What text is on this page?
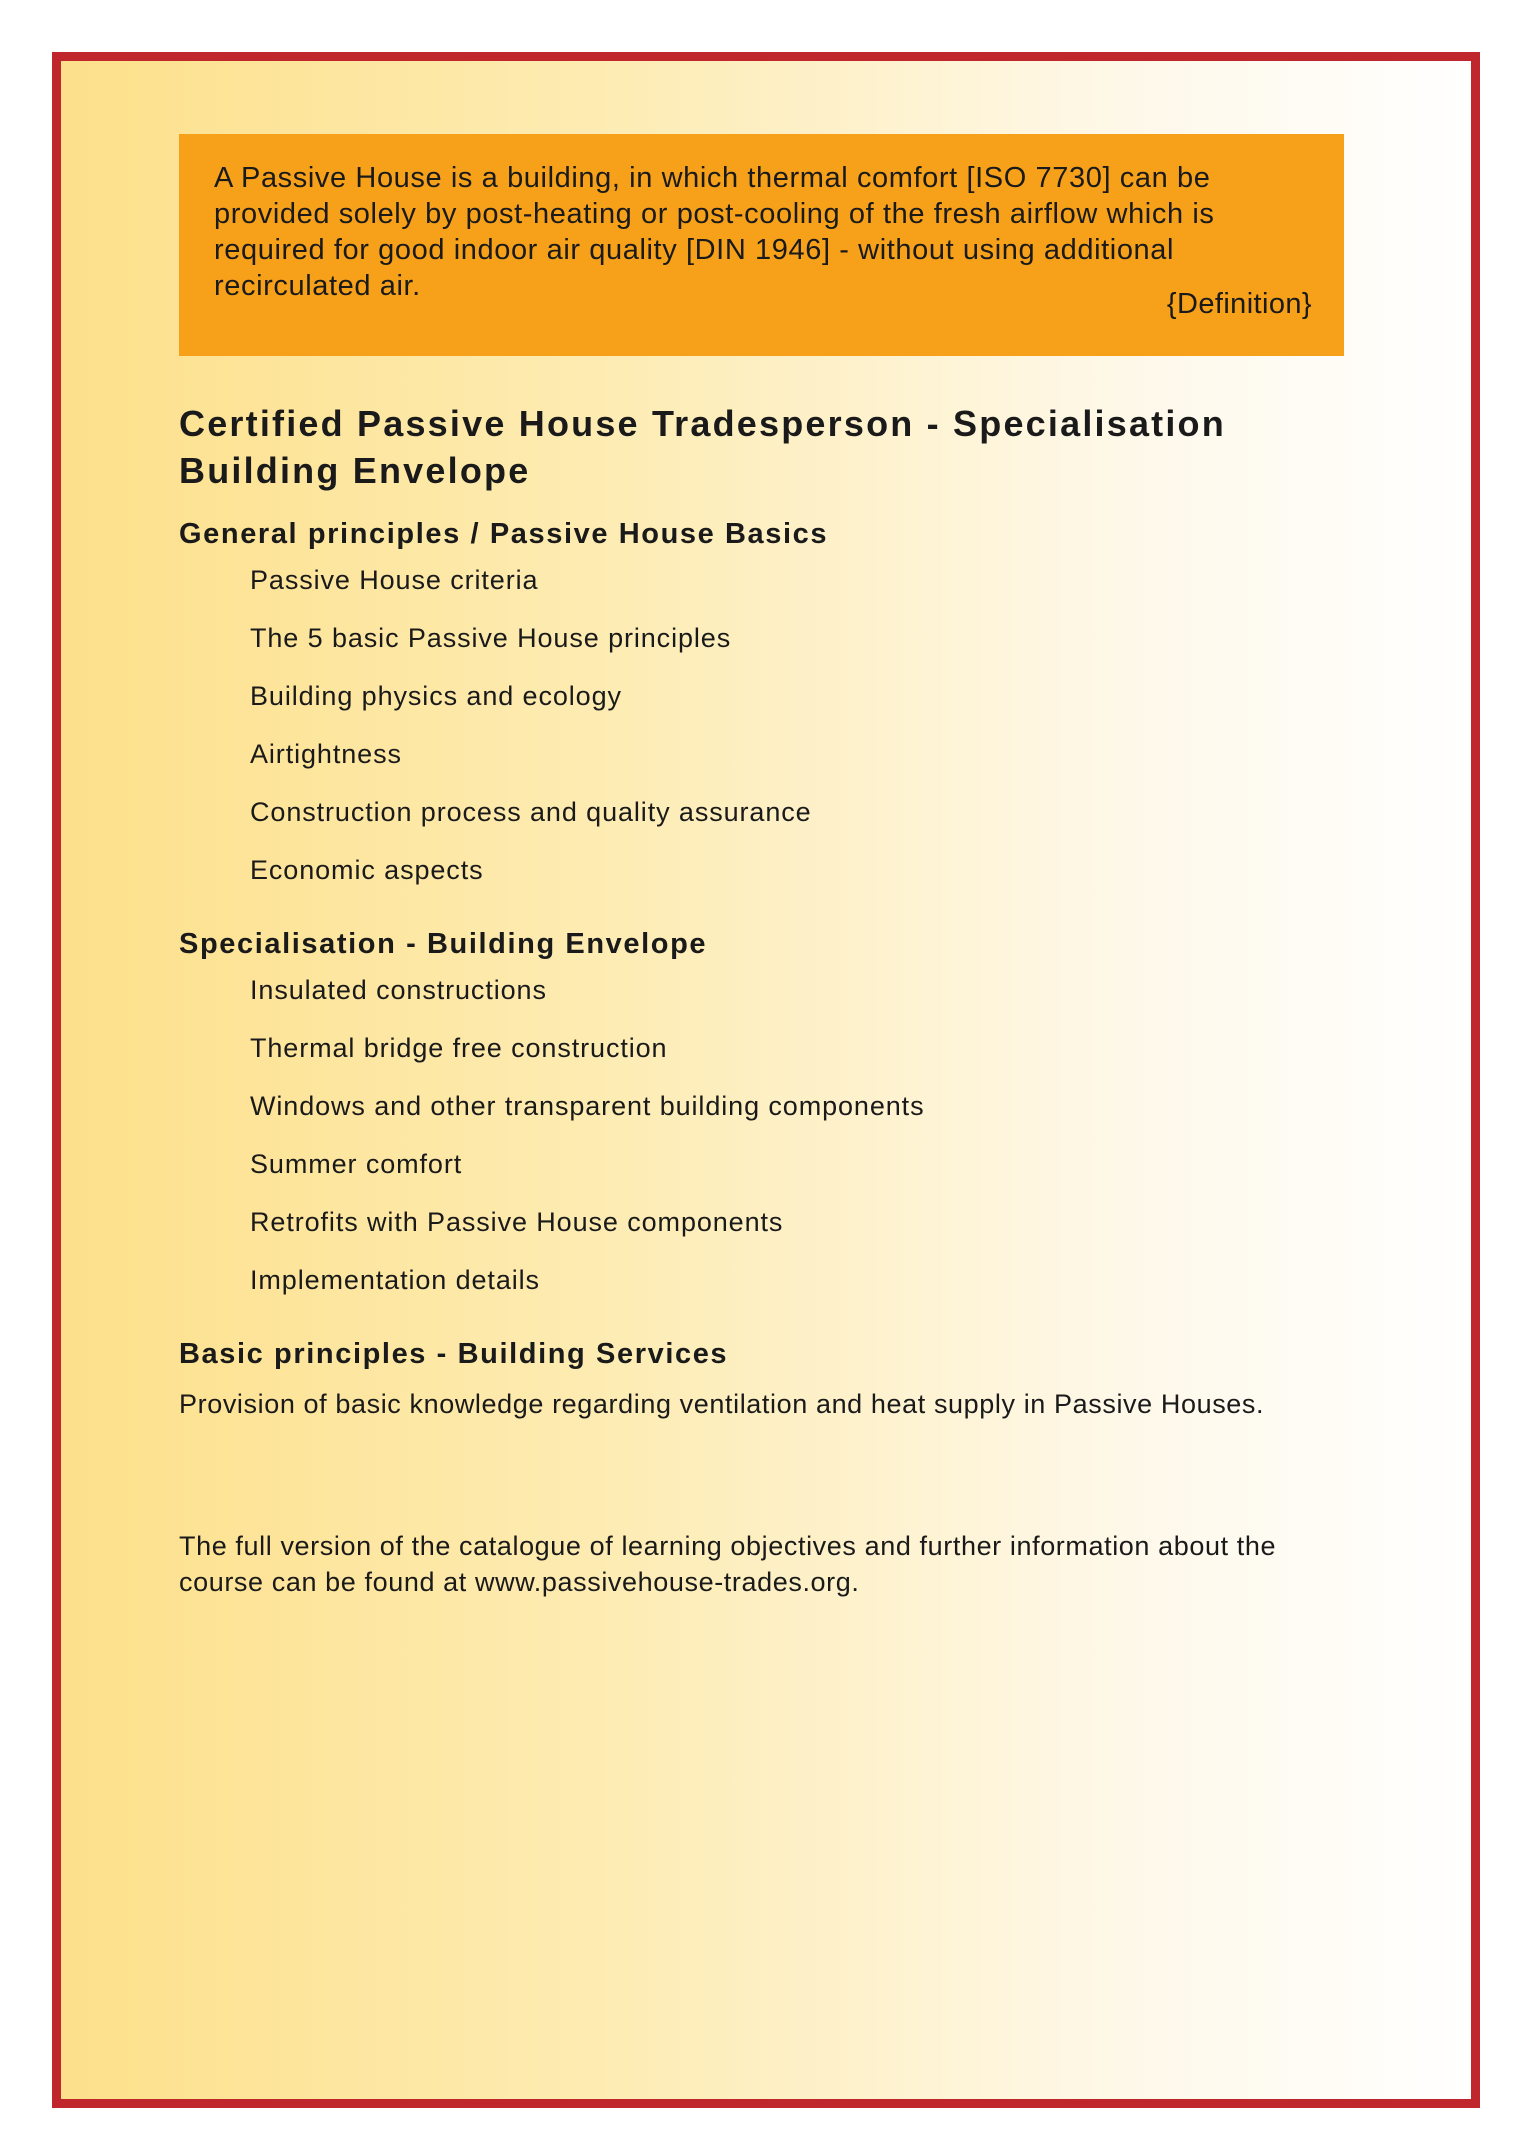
A Passive House is a building, in which thermal comfort [ISO 7730] can be provided solely by post-heating or post-cooling of the fresh airflow which is required for good indoor air quality [DIN 1946] - without using additional recirculated air.

{Definition}
Certified Passive House Tradesperson - Specialisation
Building Envelope
General principles / Passive House Basics
Passive House criteria
The 5 basic Passive House principles
Building physics and ecology
Airtightness
Construction process and quality assurance
Economic aspects
Specialisation - Building Envelope
Insulated constructions
Thermal bridge free construction
Windows and other transparent building components
Summer comfort
Retrofits with Passive House components
Implementation details
Basic principles - Building Services

Provision of basic knowledge regarding ventilation and heat supply in Passive Houses.

The full version of the catalogue of learning objectives and further information about the course can be found at www.passivehouse-trades.org.
